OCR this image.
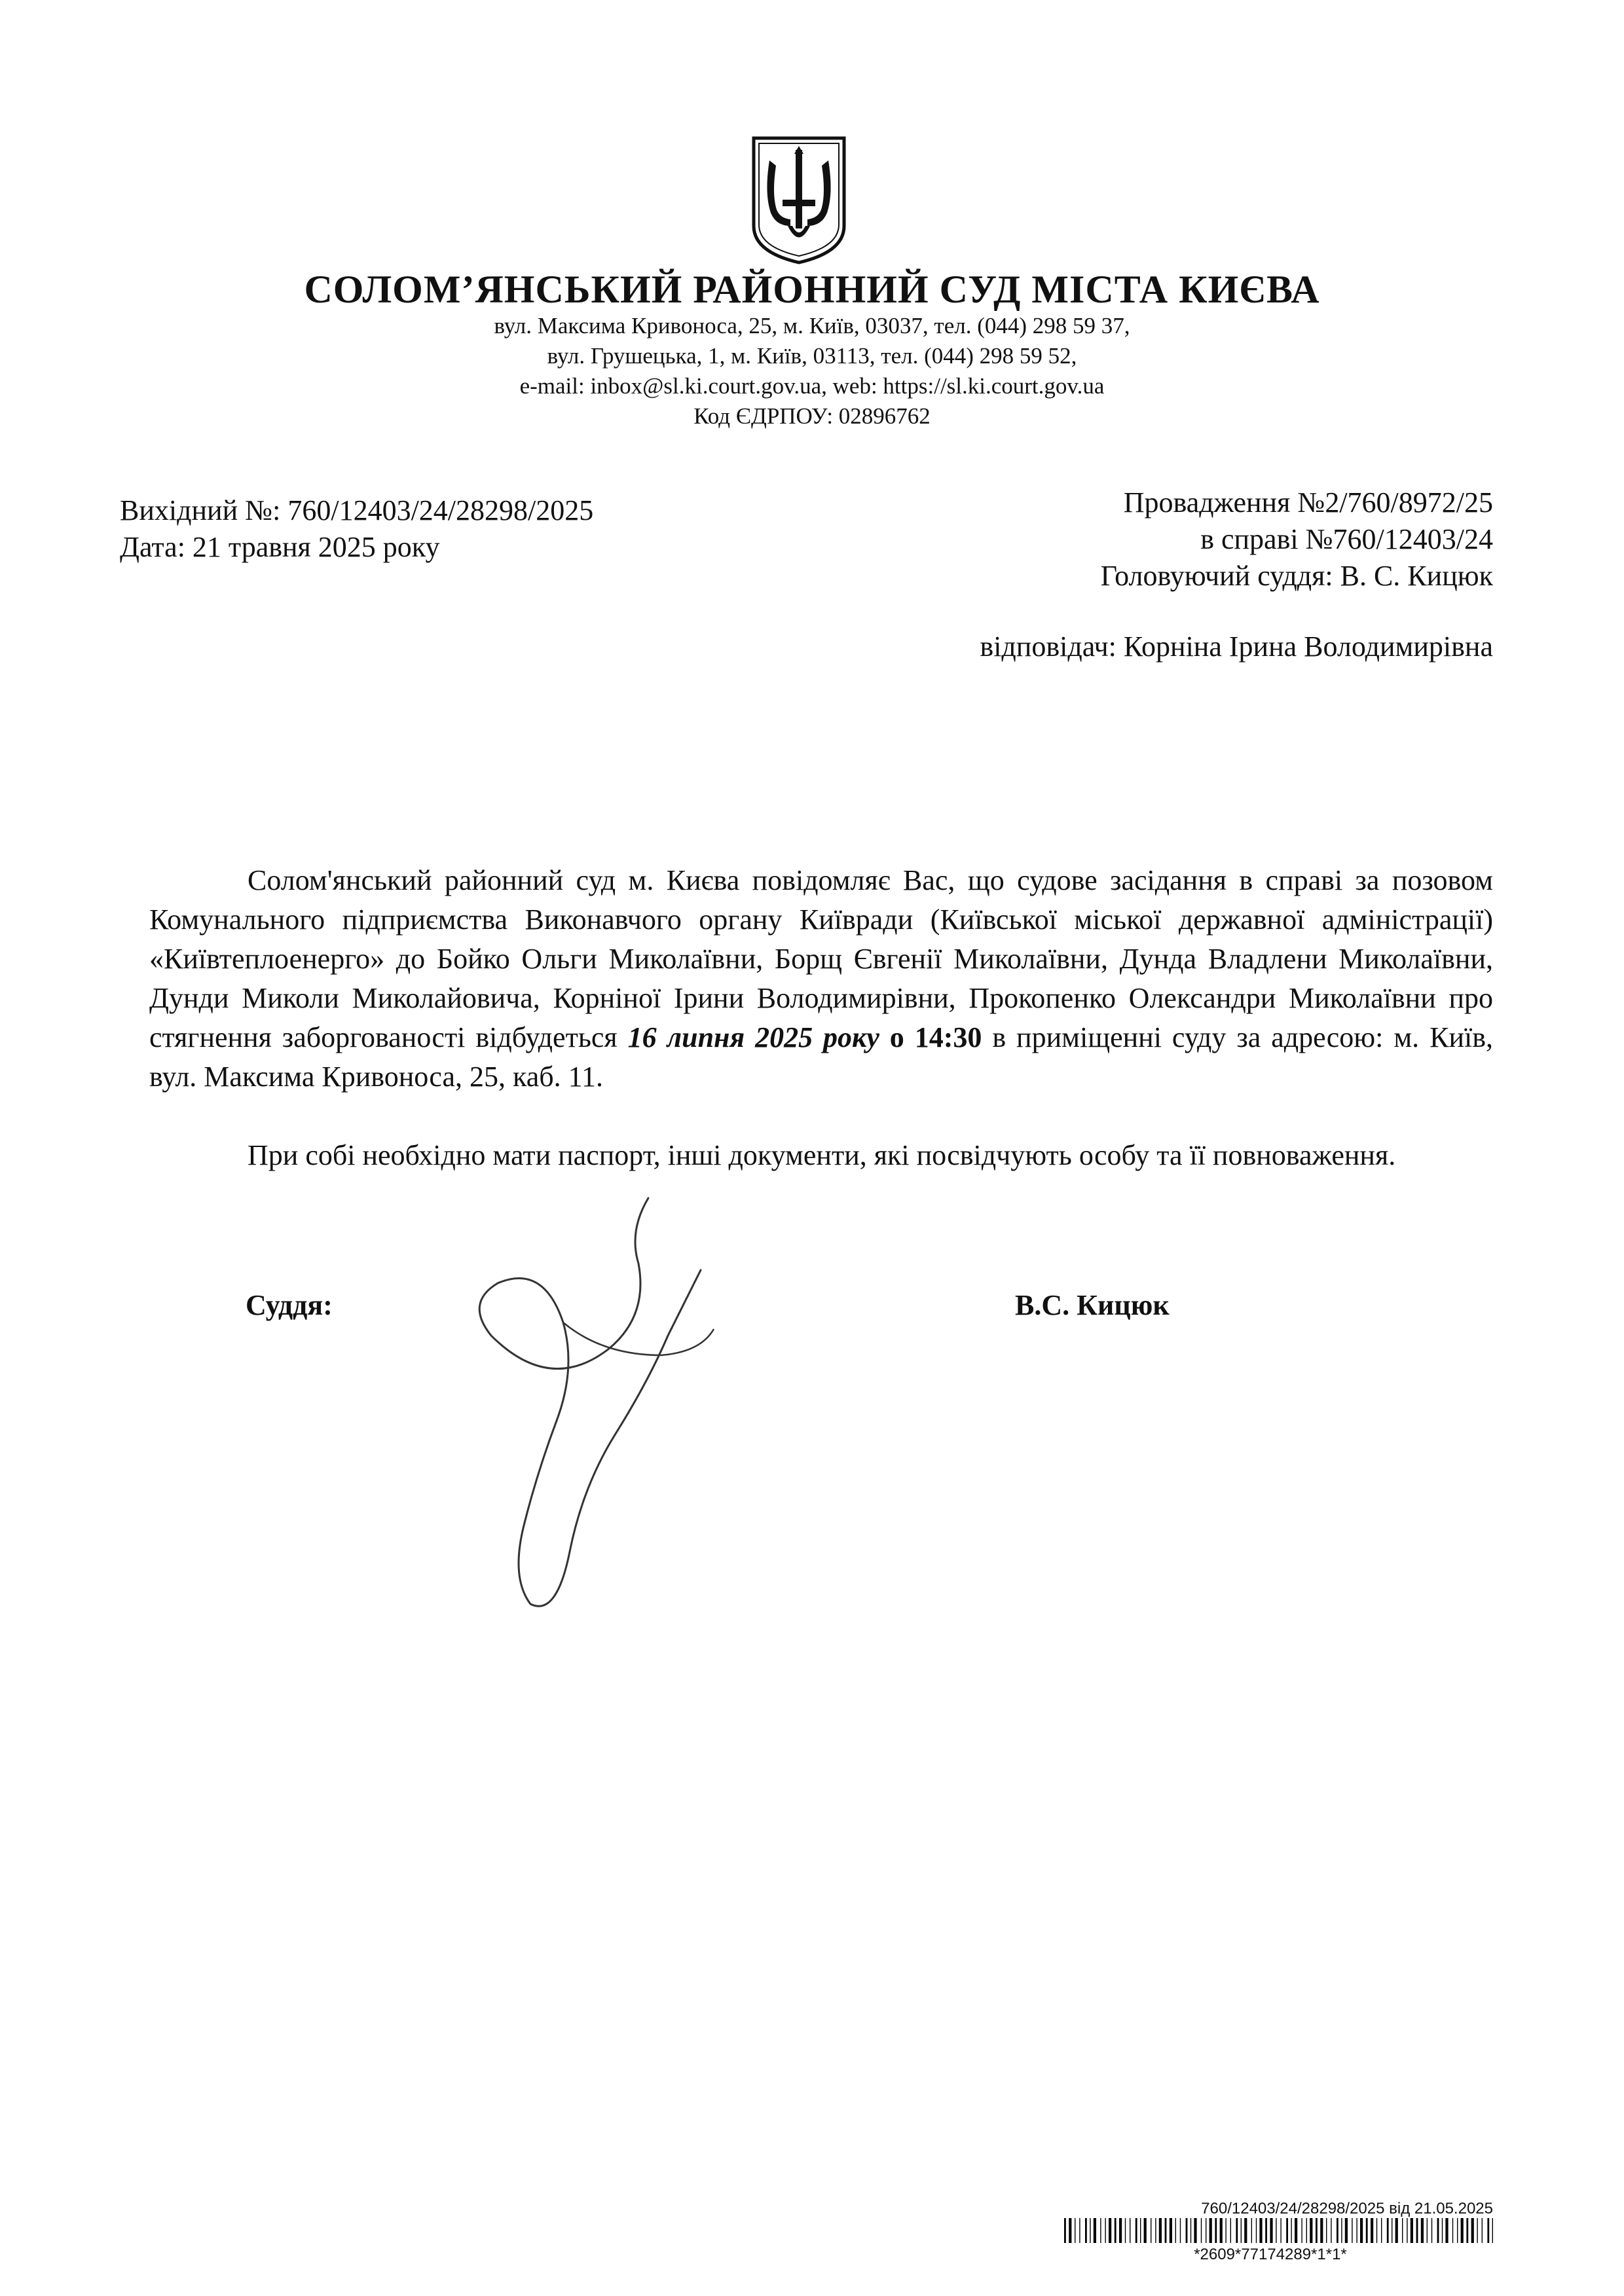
СОЛОМ’ЯНСЬКИЙ РАЙОННИЙ СУД МІСТА КИЄВА
вул. Максима Кривоноса, 25, м. Київ, 03037, тел. (044) 298 59 37,
вул. Грушецька, 1, м. Київ, 03113, тел. (044) 298 59 52,
e-mail: inbox@sl.ki.court.gov.ua, web: https://sl.ki.court.gov.ua
Код ЄДРПОУ: 02896762
Вихідний №: 760/12403/24/28298/2025
Дата: 21 травня 2025 року
Провадження №2/760/8972/25
в справі №760/12403/24
Головуючий суддя: В. С. Кицюк
відповідач: Корніна Ірина Володимирівна
Солом'янський районний суд м. Києва повідомляє Вас, що судове засідання в справі за позовом Комунального підприємства Виконавчого органу Київради (Київської міської державної адміністрації) «Київтеплоенерго» до Бойко Ольги Миколаївни, Борщ Євгенії Миколаївни, Дунда Владлени Миколаївни, Дунди Миколи Миколайовича, Корніної Ірини Володимирівни, Прокопенко Олександри Миколаївни про стягнення заборгованості відбудеться 16 липня 2025 року о 14:30 в приміщенні суду за адресою: м. Київ, вул. Максима Кривоноса, 25, каб. 11.
При собі необхідно мати паспорт, інші документи, які посвідчують особу та її повноваження.
Суддя:	В.С. Кицюк
760/12403/24/28298/2025 від 21.05.2025
*2609*77174289*1*1*
